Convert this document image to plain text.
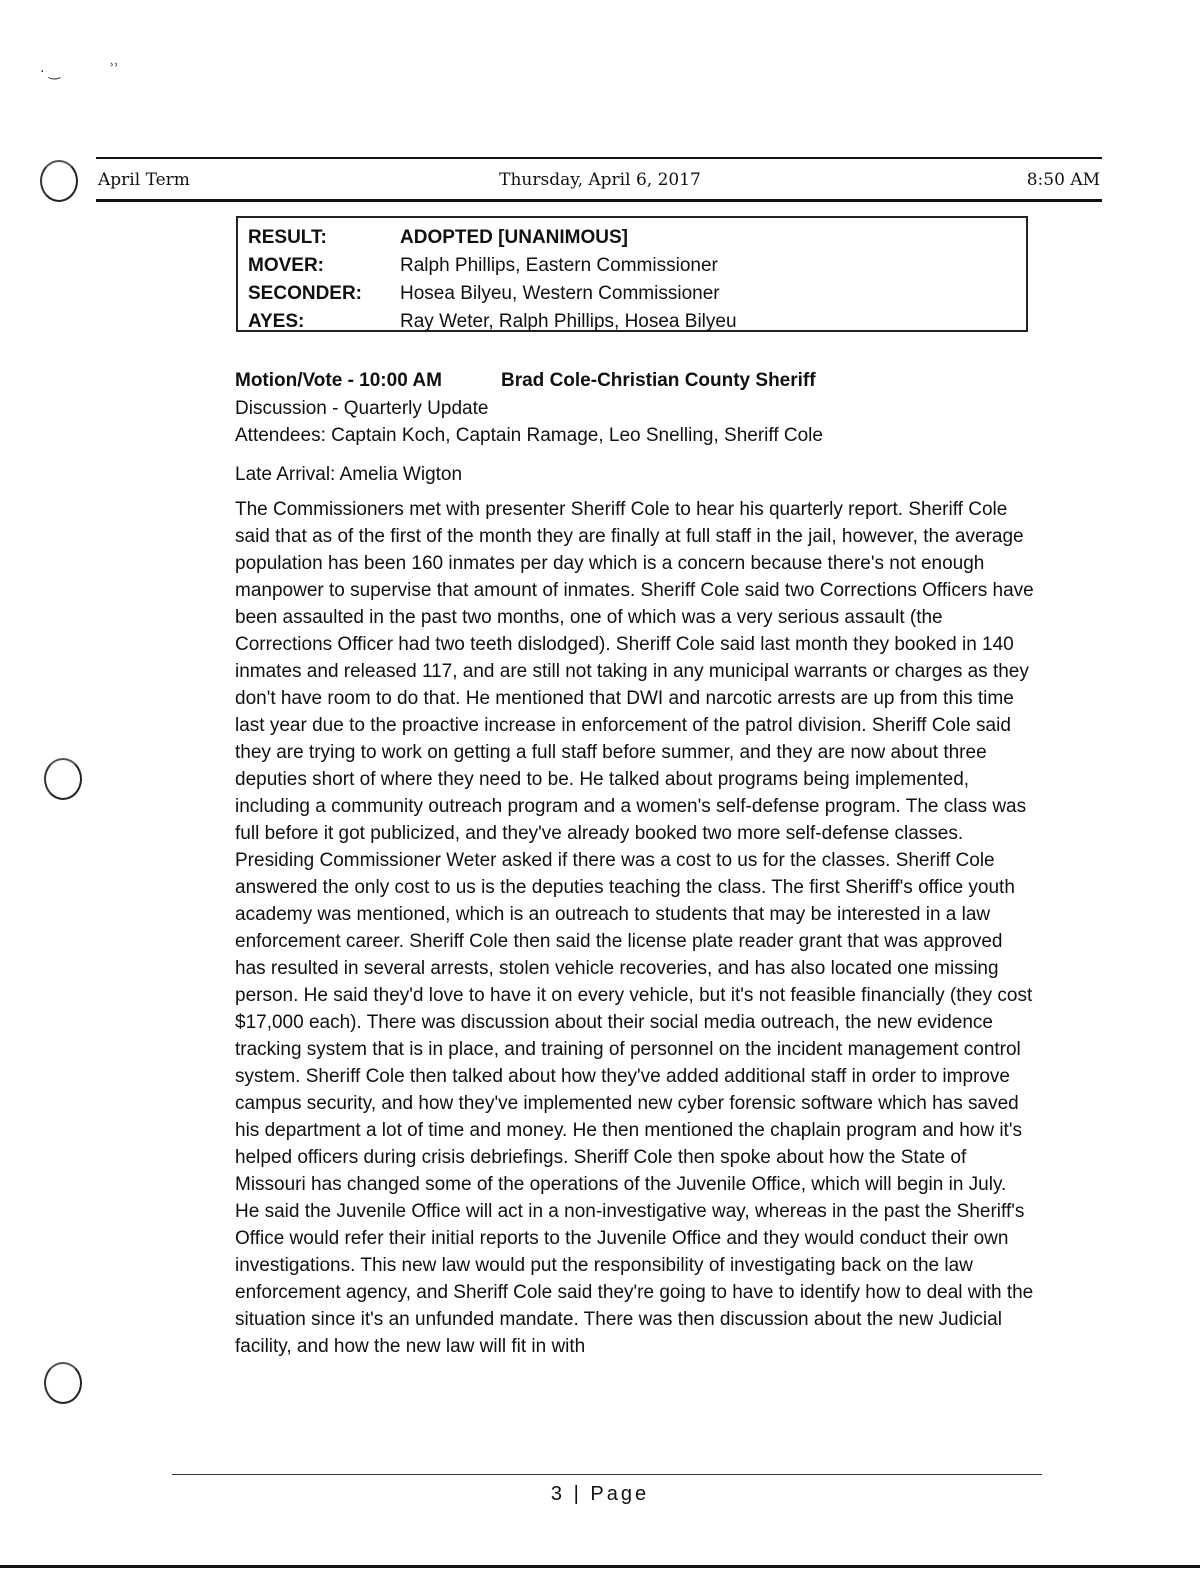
· ‿	˒˒
April Term	Thursday, April 6, 2017	8:50 AM
RESULT:	ADOPTED [UNANIMOUS]
MOVER:	Ralph Phillips, Eastern Commissioner
SECONDER: Hosea Bilyeu, Western Commissioner
AYES:	Ray Weter, Ralph Phillips, Hosea Bilyeu
Motion/Vote - 10:00 AM	Brad Cole-Christian County Sheriff
Discussion - Quarterly Update
Attendees: Captain Koch, Captain Ramage, Leo Snelling, Sheriff Cole
Late Arrival: Amelia Wigton
The Commissioners met with presenter Sheriff Cole to hear his quarterly report. Sheriff Cole said that as of the first of the month they are finally at full staff in the jail, however, the average population has been 160 inmates per day which is a concern because there's not enough manpower to supervise that amount of inmates. Sheriff Cole said two Corrections Officers have been assaulted in the past two months, one of which was a very serious assault (the Corrections Officer had two teeth dislodged). Sheriff Cole said last month they booked in 140 inmates and released 117, and are still not taking in any municipal warrants or charges as they don't have room to do that. He mentioned that DWI and narcotic arrests are up from this time last year due to the proactive increase in enforcement of the patrol division. Sheriff Cole said they are trying to work on getting a full staff before summer, and they are now about three deputies short of where they need to be. He talked about programs being implemented, including a community outreach program and a women's self-defense program. The class was full before it got publicized, and they've already booked two more self-defense classes. Presiding Commissioner Weter asked if there was a cost to us for the classes. Sheriff Cole answered the only cost to us is the deputies teaching the class. The first Sheriff's office youth academy was mentioned, which is an outreach to students that may be interested in a law enforcement career. Sheriff Cole then said the license plate reader grant that was approved has resulted in several arrests, stolen vehicle recoveries, and has also located one missing person. He said they'd love to have it on every vehicle, but it's not feasible financially (they cost $17,000 each). There was discussion about their social media outreach, the new evidence tracking system that is in place, and training of personnel on the incident management control system. Sheriff Cole then talked about how they've added additional staff in order to improve campus security, and how they've implemented new cyber forensic software which has saved his department a lot of time and money. He then mentioned the chaplain program and how it's helped officers during crisis debriefings. Sheriff Cole then spoke about how the State of Missouri has changed some of the operations of the Juvenile Office, which will begin in July. He said the Juvenile Office will act in a non-investigative way, whereas in the past the Sheriff's Office would refer their initial reports to the Juvenile Office and they would conduct their own investigations. This new law would put the responsibility of investigating back on the law enforcement agency, and Sheriff Cole said they're going to have to identify how to deal with the situation since it's an unfunded mandate. There was then discussion about the new Judicial facility, and how the new law will fit in with
3 | Page
